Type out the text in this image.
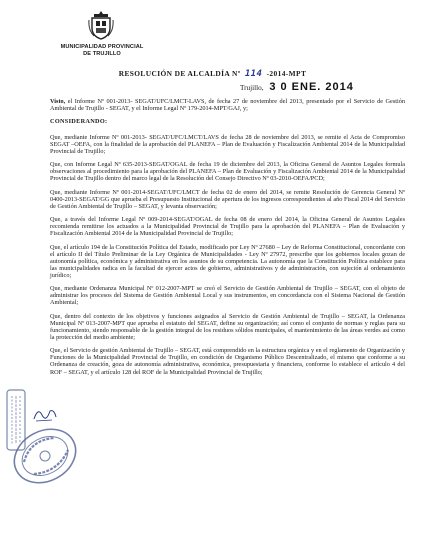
MUNICIPALIDAD PROVINCIAL
DE TRUJILLO
RESOLUCIÓN DE ALCALDÍA Nº 114 -2014-MPT
Trujillo, 3 0 ENE. 2014

Visto, el Informe Nº 001-2013- SEGAT/UFC/LMCT-LAVS, de fecha 27 de noviembre del 2013, presentado por el Servicio de Gestión Ambiental de Trujillo - SEGAT, y el Informe Legal Nº 179-2014-MPT/GAJ, y;

CONSIDERANDO:

Que, mediante Informe Nº 001-2013- SEGAT/UFC/LMCT/LAVS de fecha 28 de noviembre del 2013, se remite el Acta de Compromiso SEGAT –OEFA, con la finalidad de la aprobación del PLANEFA – Plan de Evaluación y Fiscalización Ambiental 2014 de la Municipalidad Provincial de Trujillo;

Que, con Informe Legal Nº 635-2013-SEGAT/OGAL de fecha 19 de diciembre del 2013, la Oficina General de Asuntos Legales formula observaciones al procedimiento para la aprobación del PLANEFA – Plan de Evaluación y Fiscalización Ambiental 2014 de la Municipalidad Provincial de Trujillo dentro del marco legal de la Resolución del Consejo Directivo Nº 03-2010-OEFA/PCD;

Que, mediante Informe Nº 001-2014-SEGAT/UFC/LMCT de fecha 02 de enero del 2014, se remite Resolución de Gerencia General Nº 0400-2013-SEGAT/GG que aprueba el Presupuesto Institucional de apertura de los ingresos correspondientes al año Fiscal 2014 del Servicio de Gestión Ambiental de Trujillo – SEGAT, y levanta observación;

Que, a través del Informe Legal Nº 009-2014-SEGAT/OGAL de fecha 08 de enero del 2014, la Oficina General de Asuntos Legales recomienda remitirse los actuados a la Municipalidad Provincial de Trujillo para la aprobación del PLANEFA – Plan de Evaluación y Fiscalización Ambiental 2014 de la Municipalidad Provincial de Trujillo;

Que, el artículo 194 de la Constitución Política del Estado, modificado por Ley Nº 27680 – Ley de Reforma Constitucional, concordante con el artículo II del Título Preliminar de la Ley Orgánica de Municipalidades - Ley Nº 27972, prescribe que los gobiernos locales gozan de autonomía política, económica y administrativa en los asuntos de su competencia. La autonomía que la Constitución Política establece para las municipalidades radica en la facultad de ejercer actos de gobierno, administrativos y de administración, con sujeción al ordenamiento jurídico;

Que, mediante Ordenanza Municipal Nº 012-2007-MPT se creó el Servicio de Gestión Ambiental de Trujillo – SEGAT, con el objeto de administrar los procesos del Sistema de Gestión Ambiental Local y sus instrumentos, en concordancia con el Sistema Nacional de Gestión Ambiental;

Que, dentro del contexto de los objetivos y funciones asignados al Servicio de Gestión Ambiental de Trujillo – SEGAT, la Ordenanza Municipal Nº 013-2007-MPT que aprueba el estatuto del SEGAT, define su organización; así como el conjunto de normas y reglas para su funcionamiento, siendo responsable de la gestión integral de los residuos sólidos municipales, el mantenimiento de las áreas verdes así como la protección del medio ambiente;

Que, el Servicio de gestión Ambiental de Trujillo – SEGAT, está comprendido en la estructura orgánica y en el reglamento de Organización y Funciones de la Municipalidad Provincial de Trujillo, en condición de Organismo Público Descentralizado, el mismo que conforme a su Ordenanza de creación, goza de autonomía administrativa, económica, presupuestaria y financiera, conforme lo establece el artículo 4 del ROF – SEGAT, y el artículo 128 del ROF de la Municipalidad Provincial de Trujillo;
